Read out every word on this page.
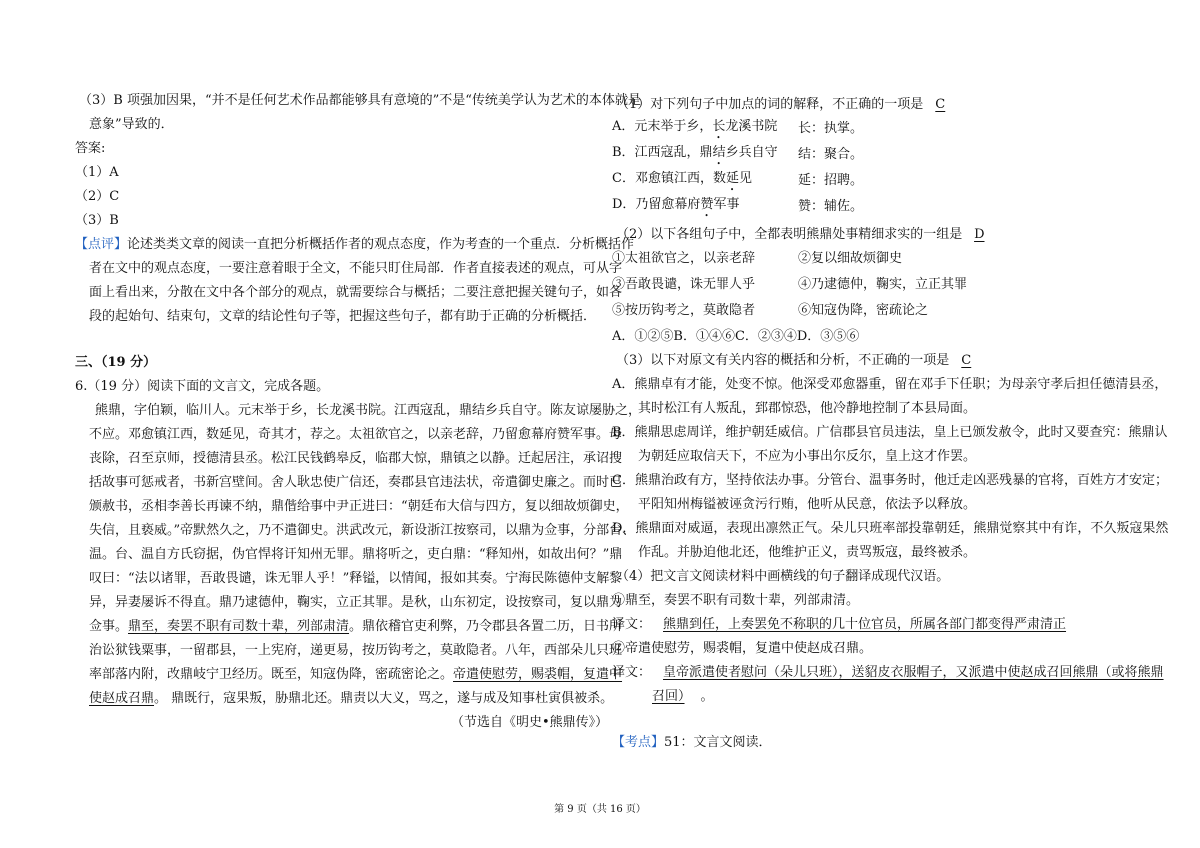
（3）B 项强加因果，“并不是任何艺术作品都能够具有意境的”不是“传统美学认为艺术的本体就是
意象”导致的．
答案:
（1）A
（2）C
（3）B
【点评】论述类类文章的阅读一直把分析概括作者的观点态度，作为考查的一个重点．分析概括作
者在文中的观点态度，一要注意着眼于全文，不能只盯住局部．作者直接表述的观点，可从字
面上看出来，分散在文中各个部分的观点，就需要综合与概括；二要注意把握关键句子，如各
段的起始句、结束句，文章的结论性句子等，把握这些句子，都有助于正确的分析概括．
三、（19 分）
6.（19 分）阅读下面的文言文，完成各题。
熊鼎，字伯颖，临川人。元末举于乡，长龙溪书院。江西寇乱，鼎结乡兵自守。陈友谅屡胁之，
不应。邓愈镇江西，数延见，奇其才，荐之。太祖欲官之，以亲老辞，乃留愈幕府赞军事。母
丧除，召至京师，授德清县丞。松江民钱鹤皋反，临郡大惊，鼎镇之以静。迁起居注，承诏搜
括故事可惩戒者，书新宫壁间。舍人耿忠使广信还，奏郡县官违法状，帝遣御史廉之。而时已
颁赦书，丞相李善长再谏不纳，鼎偕给事中尹正进曰：“朝廷布大信与四方，复以细故烦御史，
失信，且亵威。”帝默然久之，乃不遣御史。洪武改元，新设浙江按察司，以鼎为佥事，分部台、
温。台、温自方氏窃据，伪官悍将讦知州无罪。鼎将听之，吏白鼎：“释知州，如故出何？”鼎
叹曰：“法以诸罪，吾敢畏谴，诛无罪人乎！”释镒，以情闻，报如其奏。宁海民陈德仲支解黎
异，异妻屡诉不得直。鼎乃逮德仲，鞠实，立正其罪。是秋，山东初定，设按察司，复以鼎为
佥事。鼎至，奏罢不职有司数十辈，列部肃清。鼎依稽官吏利弊，乃令郡县各置二历，日书所
治讼狱钱粟事，一留郡县，一上宪府，递更易，按历钩考之，莫敢隐者。八年，西部朵儿只班
率部落内附，改鼎岐宁卫经历。既至，知寇伪降，密疏密论之。帝遣使慰劳，赐裘帽，复遣中
使赵成召鼎。 鼎既行，寇果叛，胁鼎北还。鼎责以大义，骂之，遂与成及知事杜寅俱被杀。
（节选自《明史•熊鼎传》）
（1）对下列句子中加点的词的解释，不正确的一项是 C
A．元末举于乡，长龙溪书院 长：执掌。
B．江西寇乱，鼎结乡兵自守 结：聚合。
C．邓愈镇江西，数延见	延：招聘。
D．乃留愈幕府赞军事	赞：辅佐。
（2）以下各组句子中，全都表明熊鼎处事精细求实的一组是 D
①太祖欲官之，以亲老辞	②复以细故烦御史
③吾敢畏谴，诛无罪人乎	④乃逮德仲，鞠实，立正其罪
⑤按历钩考之，莫敢隐者	⑥知寇伪降，密疏论之
A．①②⑤B．①④⑥C．②③④D．③⑤⑥
（3）以下对原文有关内容的概括和分析，不正确的一项是 C
A．熊鼎卓有才能，处变不惊。他深受邓愈器重，留在邓手下任职；为母亲守孝后担任德清县丞，
其时松江有人叛乱，郅郡惊恐，他冷静地控制了本县局面。
B．熊鼎思虑周详，维护朝廷威信。广信郡县官员违法，皇上已颁发赦令，此时又要查究：熊鼎认
为朝廷应取信天下，不应为小事出尔反尔，皇上这才作罢。
C．熊鼎治政有方，坚持依法办事。分管台、温事务时，他迁走凶恶残暴的官将，百姓方才安定；
平阳知州梅镒被诬贪污行贿，他听从民意，依法予以释放。
D．熊鼎面对威逼，表现出凛然正气。朵儿只班率部投靠朝廷，熊鼎觉察其中有诈，不久叛寇果然
作乱。并胁迫他北还，他维护正义，责骂叛寇，最终被杀。
（4）把文言文阅读材料中画横线的句子翻译成现代汉语。
①鼎至，奏罢不职有司数十辈，列部肃清。
译文： 熊鼎到任，上奏罢免不称职的几十位官员，所属各部门都变得严肃清正
②帝遣使慰劳，赐裘帽，复遣中使赵成召鼎。
译文： 皇帝派遣使者慰问（朵儿只班），送貂皮衣服帽子，又派遣中使赵成召回熊鼎（或将熊鼎
召回） 。
【考点】51：文言文阅读．
第 9 页（共 16 页）
